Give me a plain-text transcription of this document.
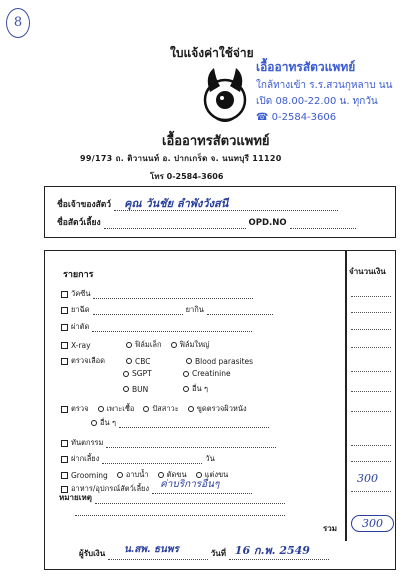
8
ใบแจ้งค่าใช้จ่าย
เอื้ออาทรสัตวแพทย์
ใกล้ทางเข้า ร.ร.สวนกุหลาบ นน
เปิด 08.00-22.00 น. ทุกวัน
☎ 0-2584-3606
เอื้ออาทรสัตวแพทย์
99/173 ถ. ติวานนท์ อ. ปากเกร็ด จ. นนทบุรี 11120
โทร 0-2584-3606
ชื่อเจ้าของสัตว์ คุณ วันชัย ลำพังวังสนี
ชื่อสัตว์เลี้ยง	OPD.NO
รายการ	จำนวนเงิน
วัคซีน
ยาฉีด	ยากิน
ผ่าตัด
X-ray	ฟิล์มเล็ก ฟิล์มใหญ่
ตรวจเลือด	CBC	Blood parasites
SGPT	Creatinine
BUN	อื่น ๆ
ตรวจ เพาะเชื้อ ปัสสาวะ ขูดตรวจผิวหนัง
อื่น ๆ
ทันตกรรม
ฝากเลี้ยง	วัน
Grooming อาบน้ำ ตัดขน แต่งขน
อาหาร/อุปกรณ์สัตว์เลี้ยง ค่าบริการอื่นๆ	300
หมายเหตุ
รวม	300
ผู้รับเงิน น.สพ. ธนพร	วันที่ 16 ก.พ. 2549
